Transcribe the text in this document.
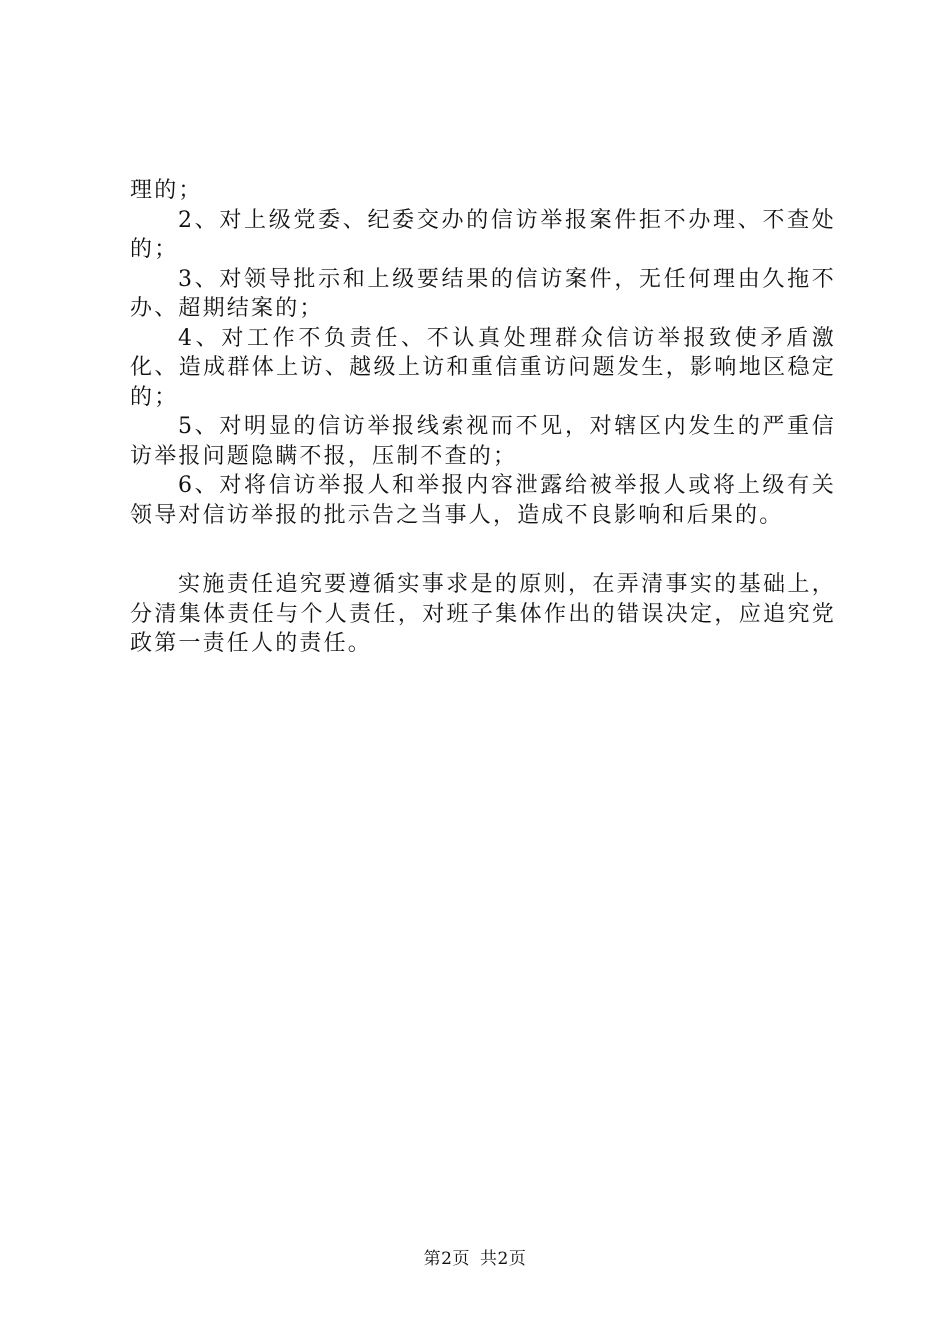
理的；

2、对上级党委、纪委交办的信访举报案件拒不办理、不查处的；

3、对领导批示和上级要结果的信访案件，无任何理由久拖不办、超期结案的；

4、对工作不负责任、不认真处理群众信访举报致使矛盾激化、造成群体上访、越级上访和重信重访问题发生，影响地区稳定的；

5、对明显的信访举报线索视而不见，对辖区内发生的严重信访举报问题隐瞒不报，压制不查的；

6、对将信访举报人和举报内容泄露给被举报人或将上级有关领导对信访举报的批示告之当事人，造成不良影响和后果的。

实施责任追究要遵循实事求是的原则，在弄清事实的基础上，分清集体责任与个人责任，对班子集体作出的错误决定，应追究党政第一责任人的责任。

第2页 共2页
